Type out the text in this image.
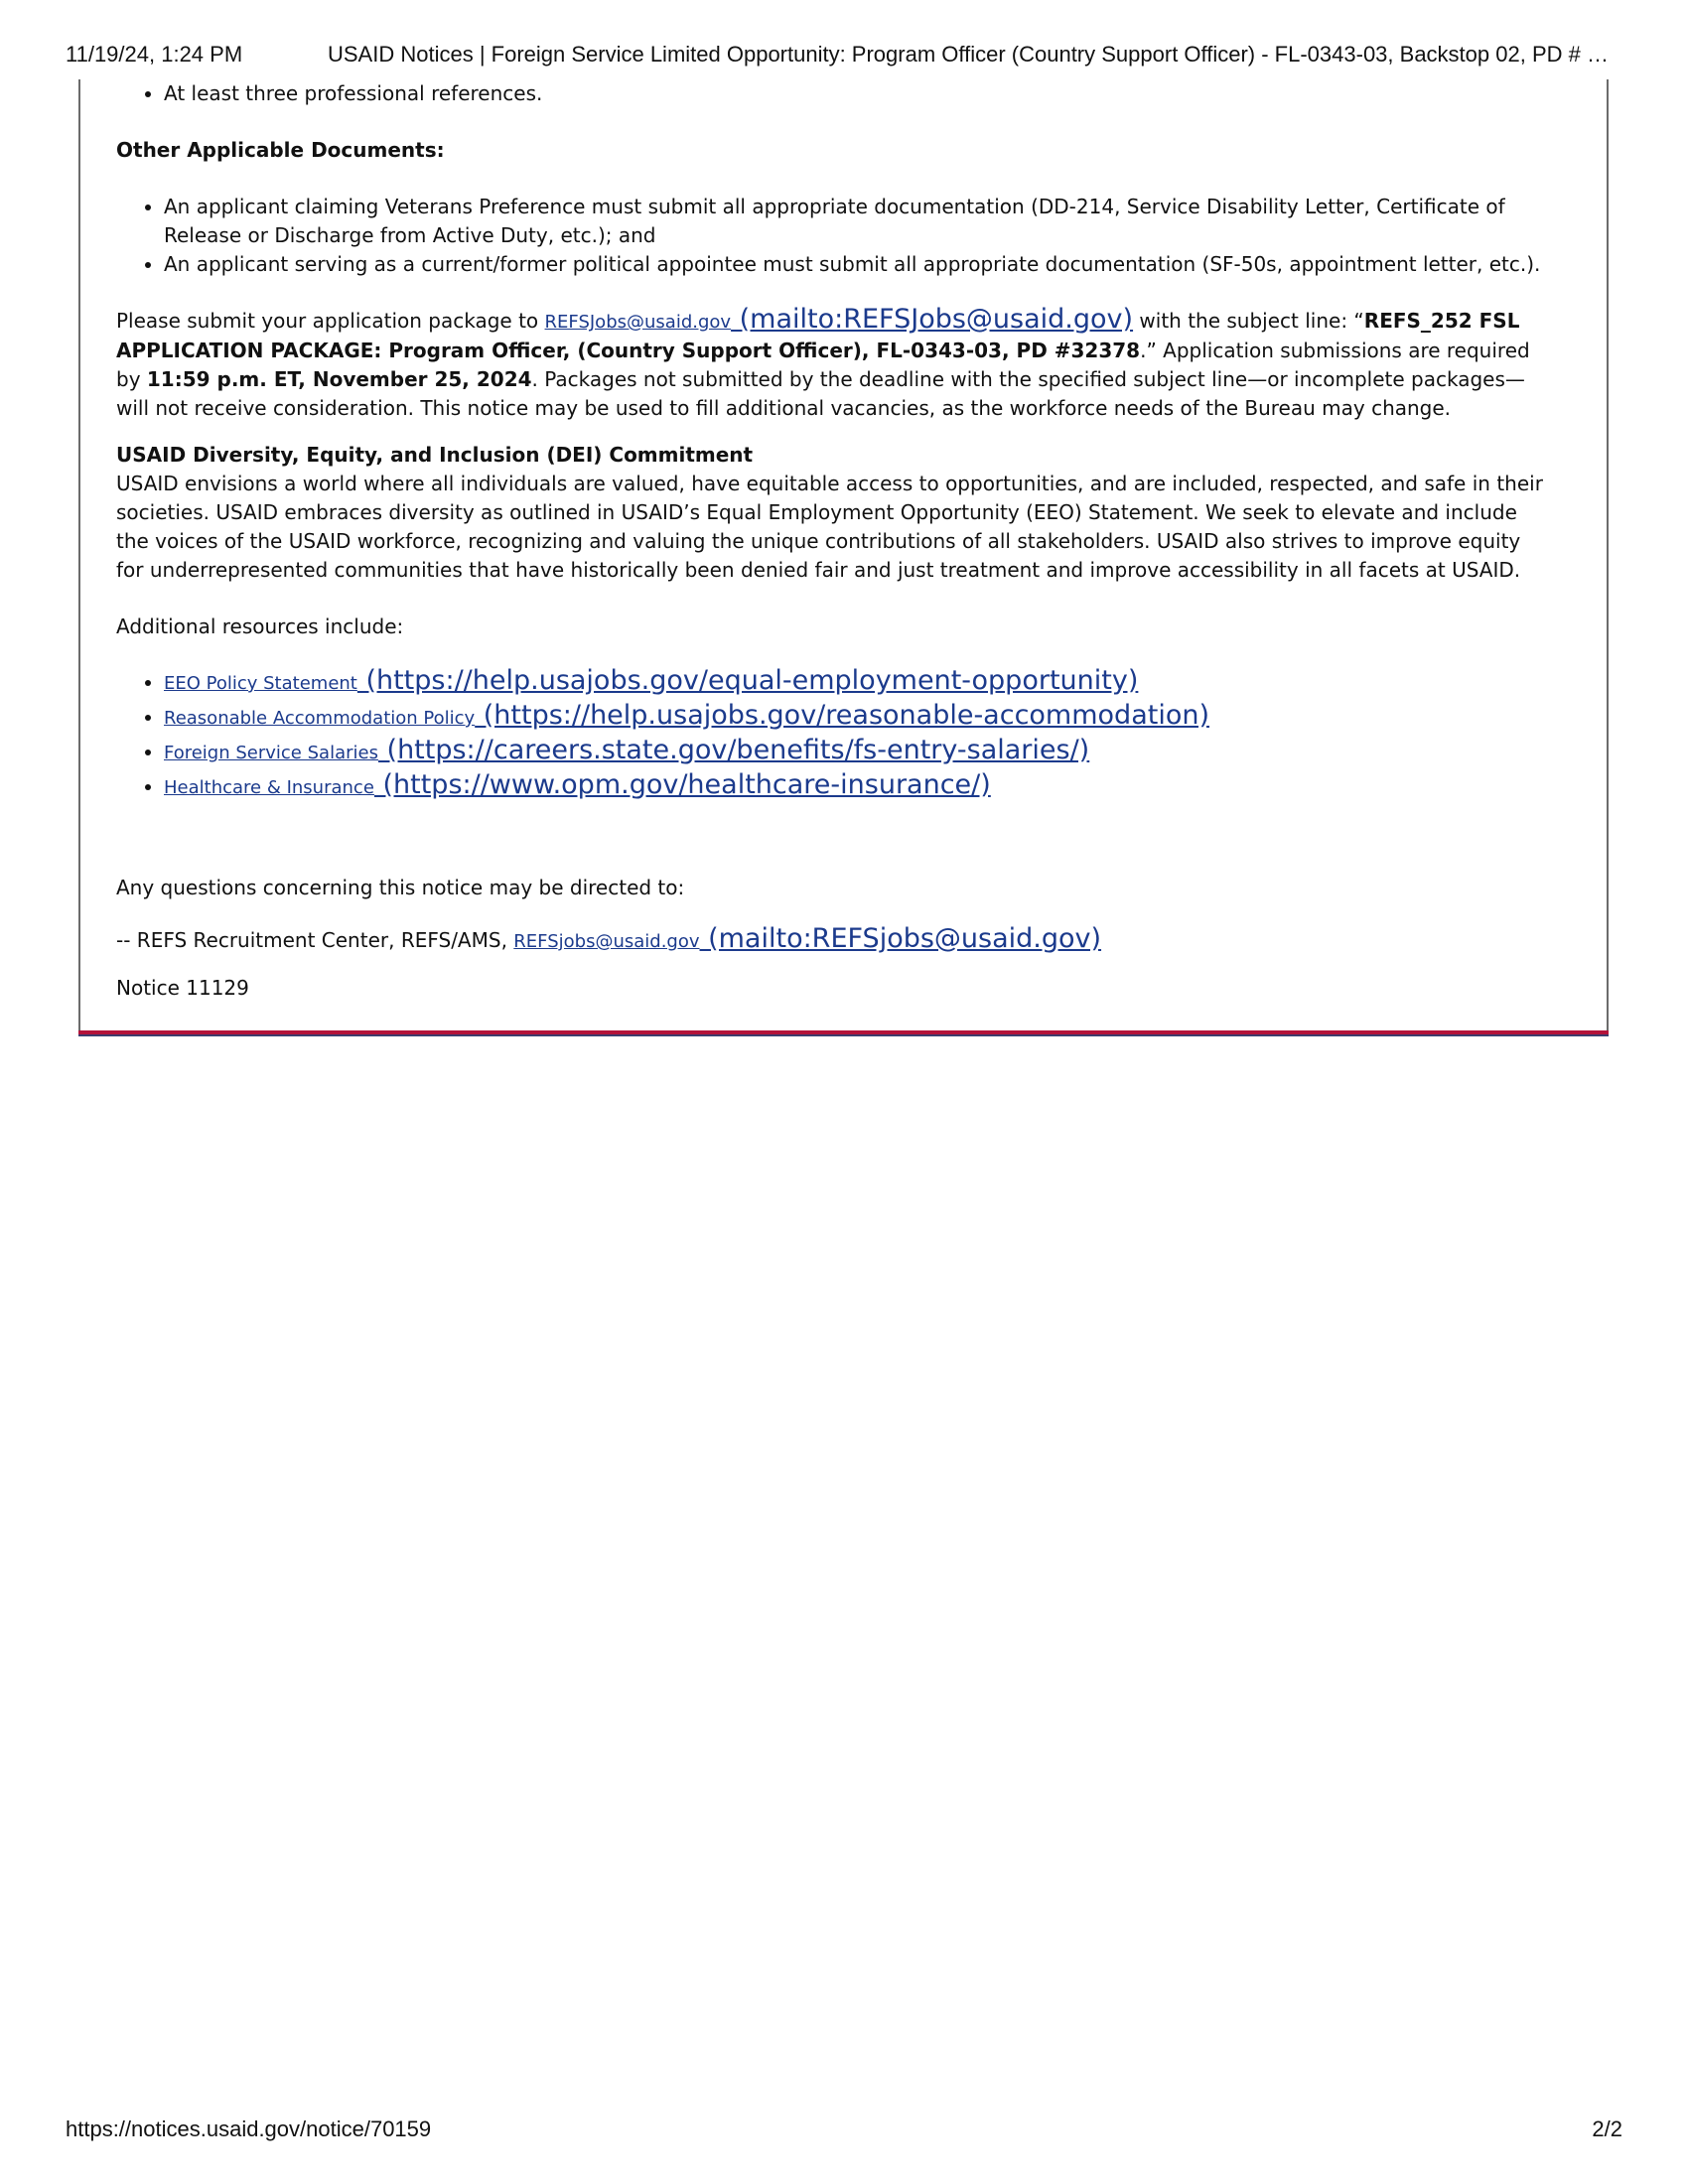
11/19/24, 1:24 PM	USAID Notices | Foreign Service Limited Opportunity: Program Officer (Country Support Officer) - FL-0343-03, Backstop 02, PD # …
• At least three professional references.

Other Applicable Documents:

• An applicant claiming Veterans Preference must submit all appropriate documentation (DD-214, Service Disability Letter, Certificate of Release or Discharge from Active Duty, etc.); and
• An applicant serving as a current/former political appointee must submit all appropriate documentation (SF-50s, appointment letter, etc.).

Please submit your application package to REFSJobs@usaid.gov (mailto:REFSJobs@usaid.gov) with the subject line: “REFS_252 FSL APPLICATION PACKAGE: Program Officer, (Country Support Officer), FL-0343-03, PD #32378.” Application submissions are required by 11:59 p.m. ET, November 25, 2024. Packages not submitted by the deadline with the specified subject line—or incomplete packages—will not receive consideration. This notice may be used to fill additional vacancies, as the workforce needs of the Bureau may change.

USAID Diversity, Equity, and Inclusion (DEI) Commitment

USAID envisions a world where all individuals are valued, have equitable access to opportunities, and are included, respected, and safe in their societies. USAID embraces diversity as outlined in USAID’s Equal Employment Opportunity (EEO) Statement. We seek to elevate and include the voices of the USAID workforce, recognizing and valuing the unique contributions of all stakeholders. USAID also strives to improve equity for underrepresented communities that have historically been denied fair and just treatment and improve accessibility in all facets at USAID.

Additional resources include:

• EEO Policy Statement (https://help.usajobs.gov/equal-employment-opportunity)
• Reasonable Accommodation Policy (https://help.usajobs.gov/reasonable-accommodation)
• Foreign Service Salaries (https://careers.state.gov/benefits/fs-entry-salaries/)
• Healthcare & Insurance (https://www.opm.gov/healthcare-insurance/)

Any questions concerning this notice may be directed to:

-- REFS Recruitment Center, REFS/AMS, REFSjobs@usaid.gov (mailto:REFSjobs@usaid.gov)

Notice 11129

https://notices.usaid.gov/notice/70159	2/2
